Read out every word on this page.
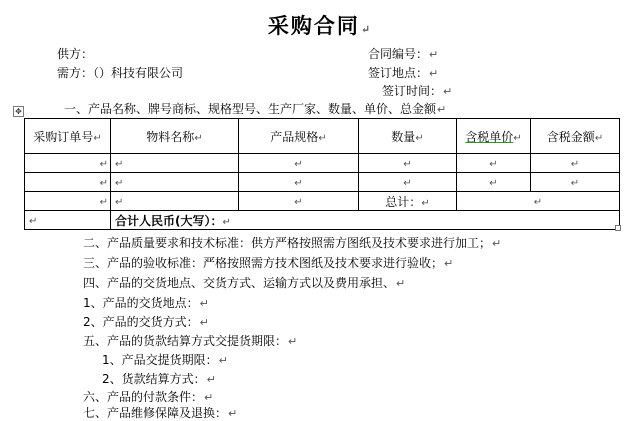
采购合同↵
供方：
需方：（）科技有限公司
合同编号：↵
签订地点：↵
签订时间：↵
✥	一、产品名称、牌号商标、规格型号、生产厂家、数量、单价、总金额↵
采购订单号↵	物料名称↵	产品规格↵	数量↵	含税单价↵	含税金额↵
↵	↵	↵	↵	↵	↵
↵	↵	↵	↵	↵	↵
↵	↵	↵	总计：↵	↵	
↵	合计人民币(大写）：↵				
二、产品质量要求和技术标准：供方严格按照需方图纸及技术要求进行加工；↵
三、产品的验收标准：严格按照需方技术图纸及技术要求进行验收；↵
四、产品的交货地点、交货方式、运输方式以及费用承担、↵
1、产品的交货地点：↵
2、产品的交货方式：↵
五、产品的货款结算方式交提货期限：↵
1、产品交提货期限：↵
2、货款结算方式：↵
六、产品的付款条件：↵
七、产品维修保障及退换：↵
